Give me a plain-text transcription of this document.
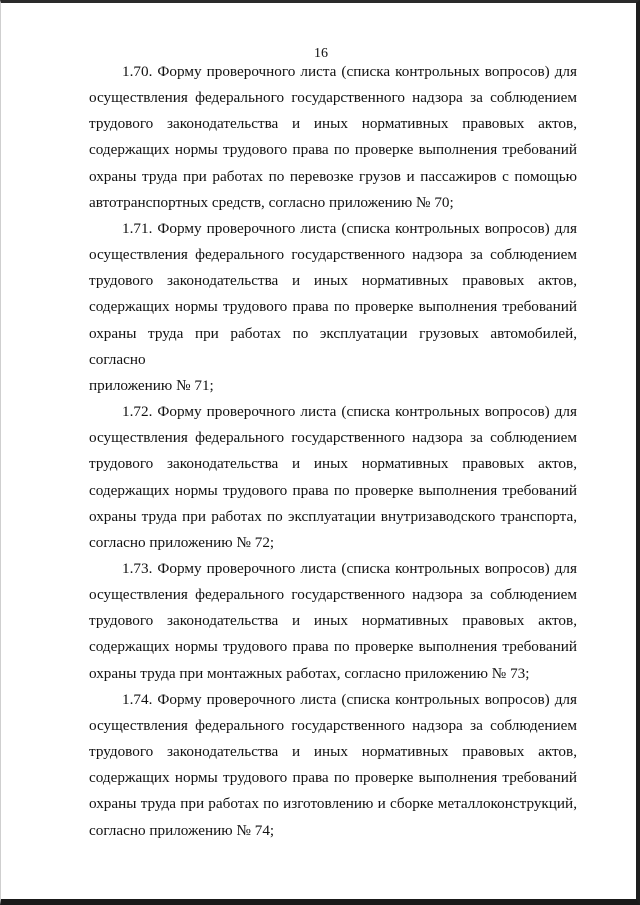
16

1.70. Форму проверочного листа (списка контрольных вопросов) для
осуществления федерального государственного надзора за соблюдением
трудового законодательства и иных нормативных правовых актов,
содержащих нормы трудового права по проверке выполнения требований
охраны труда при работах по перевозке грузов и пассажиров с помощью
автотранспортных средств, согласно приложению № 70;

1.71. Форму проверочного листа (списка контрольных вопросов) для
осуществления федерального государственного надзора за соблюдением
трудового законодательства и иных нормативных правовых актов,
содержащих нормы трудового права по проверке выполнения требований
охраны труда при работах по эксплуатации грузовых автомобилей, согласно
приложению № 71;

1.72. Форму проверочного листа (списка контрольных вопросов) для
осуществления федерального государственного надзора за соблюдением
трудового законодательства и иных нормативных правовых актов,
содержащих нормы трудового права по проверке выполнения требований
охраны труда при работах по эксплуатации внутризаводского транспорта,
согласно приложению № 72;

1.73. Форму проверочного листа (списка контрольных вопросов) для
осуществления федерального государственного надзора за соблюдением
трудового законодательства и иных нормативных правовых актов,
содержащих нормы трудового права по проверке выполнения требований
охраны труда при монтажных работах, согласно приложению № 73;

1.74. Форму проверочного листа (списка контрольных вопросов) для
осуществления федерального государственного надзора за соблюдением
трудового законодательства и иных нормативных правовых актов,
содержащих нормы трудового права по проверке выполнения требований
охраны труда при работах по изготовлению и сборке металлоконструкций,
согласно приложению № 74;
